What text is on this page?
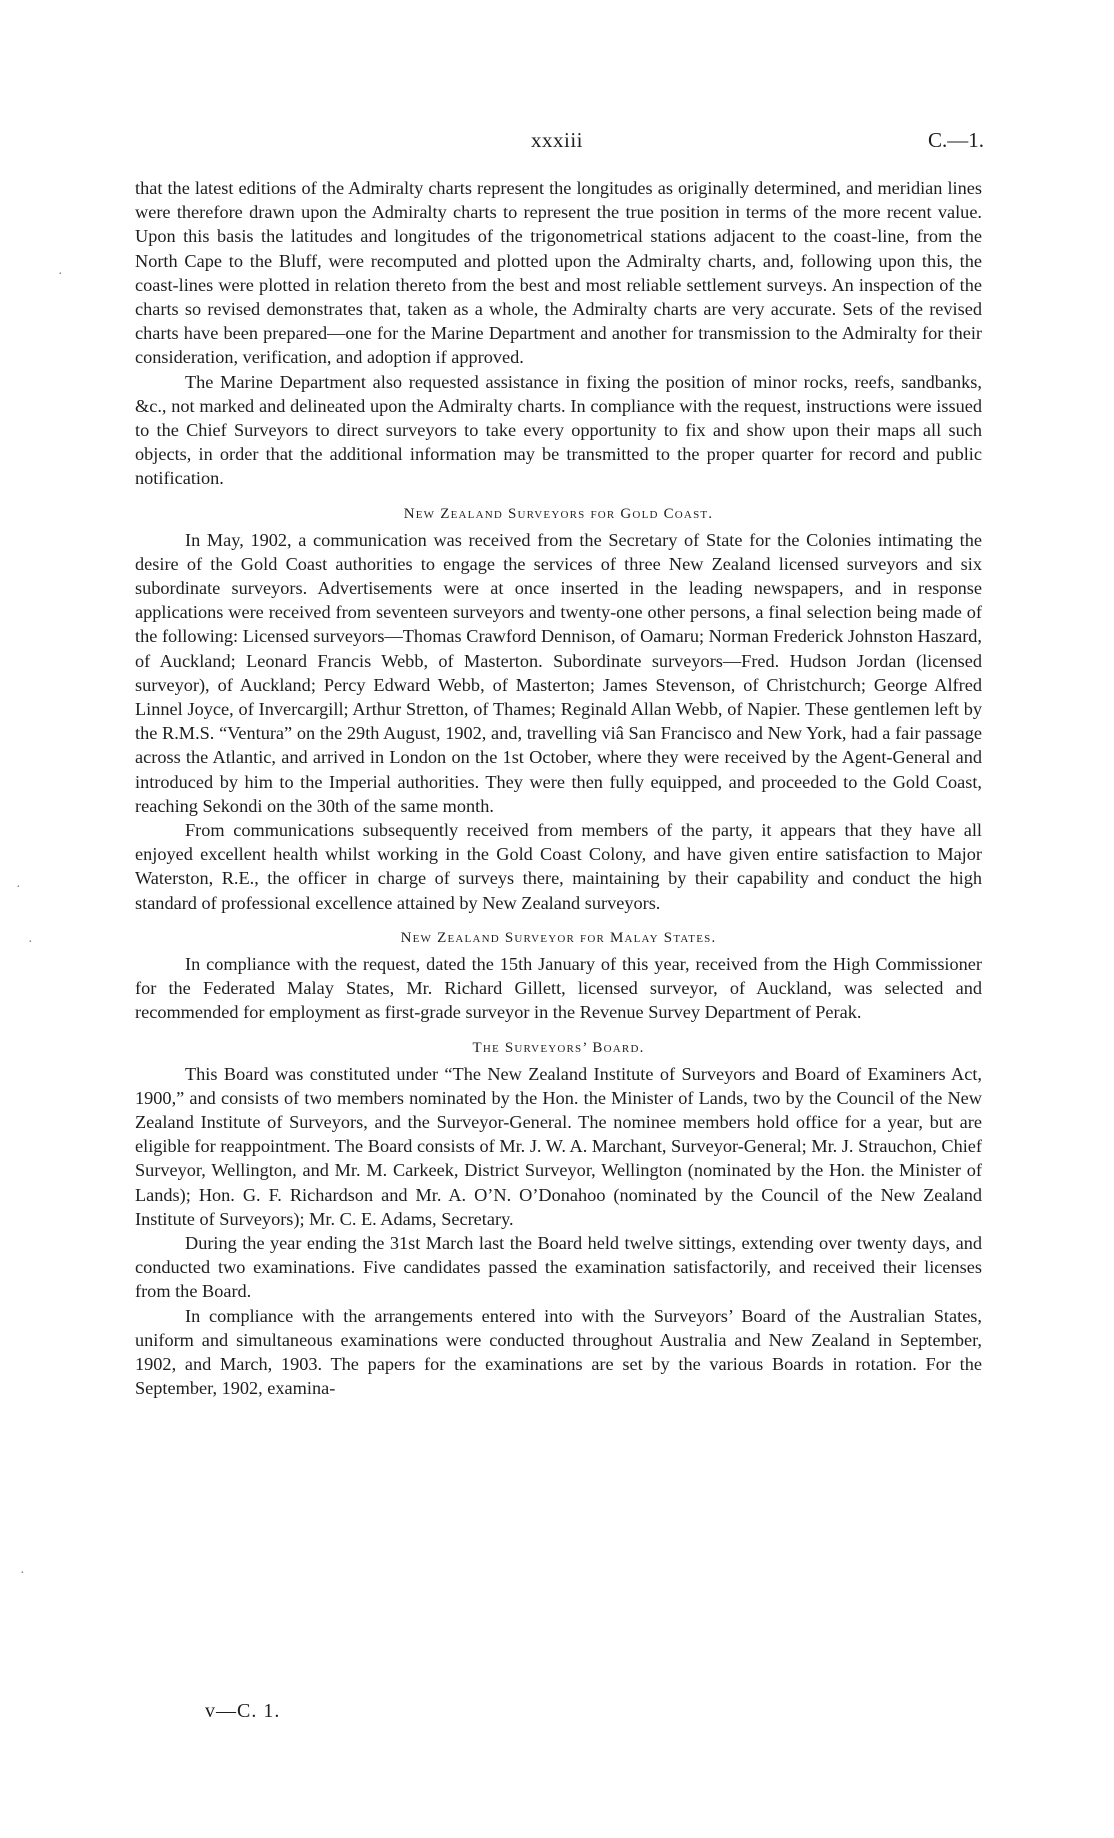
xxxiii	C.—1.

that the latest editions of the Admiralty charts represent the longitudes as originally determined, and meridian lines were therefore drawn upon the Admiralty charts to represent the true position in terms of the more recent value. Upon this basis the latitudes and longitudes of the trigonometrical stations adjacent to the coast-line, from the North Cape to the Bluff, were recomputed and plotted upon the Admiralty charts, and, following upon this, the coast-lines were plotted in relation thereto from the best and most reliable settlement surveys. An inspection of the charts so revised demonstrates that, taken as a whole, the Admiralty charts are very accurate. Sets of the revised charts have been prepared—one for the Marine Department and another for transmission to the Admiralty for their consideration, verification, and adoption if approved.

The Marine Department also requested assistance in fixing the position of minor rocks, reefs, sandbanks, &c., not marked and delineated upon the Admiralty charts. In compliance with the request, instructions were issued to the Chief Surveyors to direct surveyors to take every opportunity to fix and show upon their maps all such objects, in order that the additional information may be transmitted to the proper quarter for record and public notification.

New Zealand Surveyors for Gold Coast.

In May, 1902, a communication was received from the Secretary of State for the Colonies intimating the desire of the Gold Coast authorities to engage the services of three New Zealand licensed surveyors and six subordinate surveyors. Advertisements were at once inserted in the leading newspapers, and in response applications were received from seventeen surveyors and twenty-one other persons, a final selection being made of the following: Licensed surveyors—Thomas Crawford Dennison, of Oamaru; Norman Frederick Johnston Haszard, of Auckland; Leonard Francis Webb, of Masterton. Subordinate surveyors—Fred. Hudson Jordan (licensed surveyor), of Auckland; Percy Edward Webb, of Masterton; James Stevenson, of Christchurch; George Alfred Linnel Joyce, of Invercargill; Arthur Stretton, of Thames; Reginald Allan Webb, of Napier. These gentlemen left by the R.M.S. “Ventura” on the 29th August, 1902, and, travelling viâ San Francisco and New York, had a fair passage across the Atlantic, and arrived in London on the 1st October, where they were received by the Agent-General and introduced by him to the Imperial authorities. They were then fully equipped, and proceeded to the Gold Coast, reaching Sekondi on the 30th of the same month.

From communications subsequently received from members of the party, it appears that they have all enjoyed excellent health whilst working in the Gold Coast Colony, and have given entire satisfaction to Major Waterston, R.E., the officer in charge of surveys there, maintaining by their capability and conduct the high standard of professional excellence attained by New Zealand surveyors.

New Zealand Surveyor for Malay States.

In compliance with the request, dated the 15th January of this year, received from the High Commissioner for the Federated Malay States, Mr. Richard Gillett, licensed surveyor, of Auckland, was selected and recommended for employment as first-grade surveyor in the Revenue Survey Department of Perak.

The Surveyors’ Board.

This Board was constituted under “The New Zealand Institute of Surveyors and Board of Examiners Act, 1900,” and consists of two members nominated by the Hon. the Minister of Lands, two by the Council of the New Zealand Institute of Surveyors, and the Surveyor-General. The nominee members hold office for a year, but are eligible for reappointment. The Board consists of Mr. J. W. A. Marchant, Surveyor-General; Mr. J. Strauchon, Chief Surveyor, Wellington, and Mr. M. Carkeek, District Surveyor, Wellington (nominated by the Hon. the Minister of Lands); Hon. G. F. Richardson and Mr. A. O’N. O’Donahoo (nominated by the Council of the New Zealand Institute of Surveyors); Mr. C. E. Adams, Secretary.

During the year ending the 31st March last the Board held twelve sittings, extending over twenty days, and conducted two examinations. Five candidates passed the examination satisfactorily, and received their licenses from the Board.

In compliance with the arrangements entered into with the Surveyors’ Board of the Australian States, uniform and simultaneous examinations were conducted throughout Australia and New Zealand in September, 1902, and March, 1903. The papers for the examinations are set by the various Boards in rotation. For the September, 1902, examina-

v—C. 1.
·
·
·
·
